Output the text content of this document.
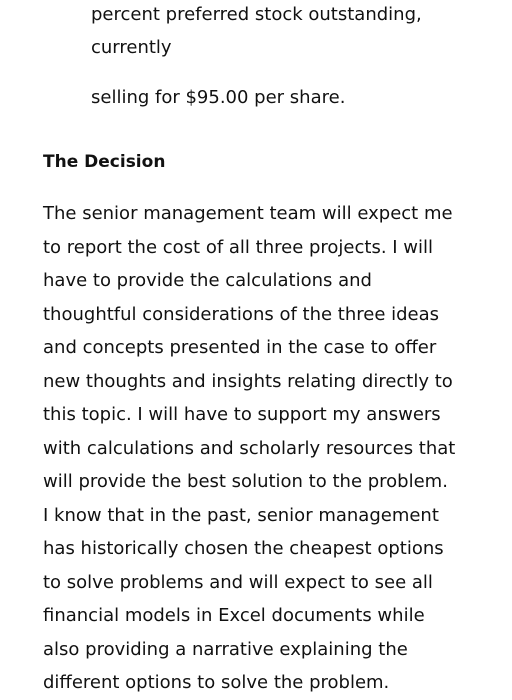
percent preferred stock outstanding,

currently

selling for $95.00 per share.

The Decision
The senior management team will expect me
to report the cost of all three projects. I will
have to provide the calculations and
thoughtful considerations of the three ideas
and concepts presented in the case to offer
new thoughts and insights relating directly to
this topic. I will have to support my answers
with calculations and scholarly resources that
will provide the best solution to the problem.
I know that in the past, senior management
has historically chosen the cheapest options
to solve problems and will expect to see all
financial models in Excel documents while
also providing a narrative explaining the
different options to solve the problem.
